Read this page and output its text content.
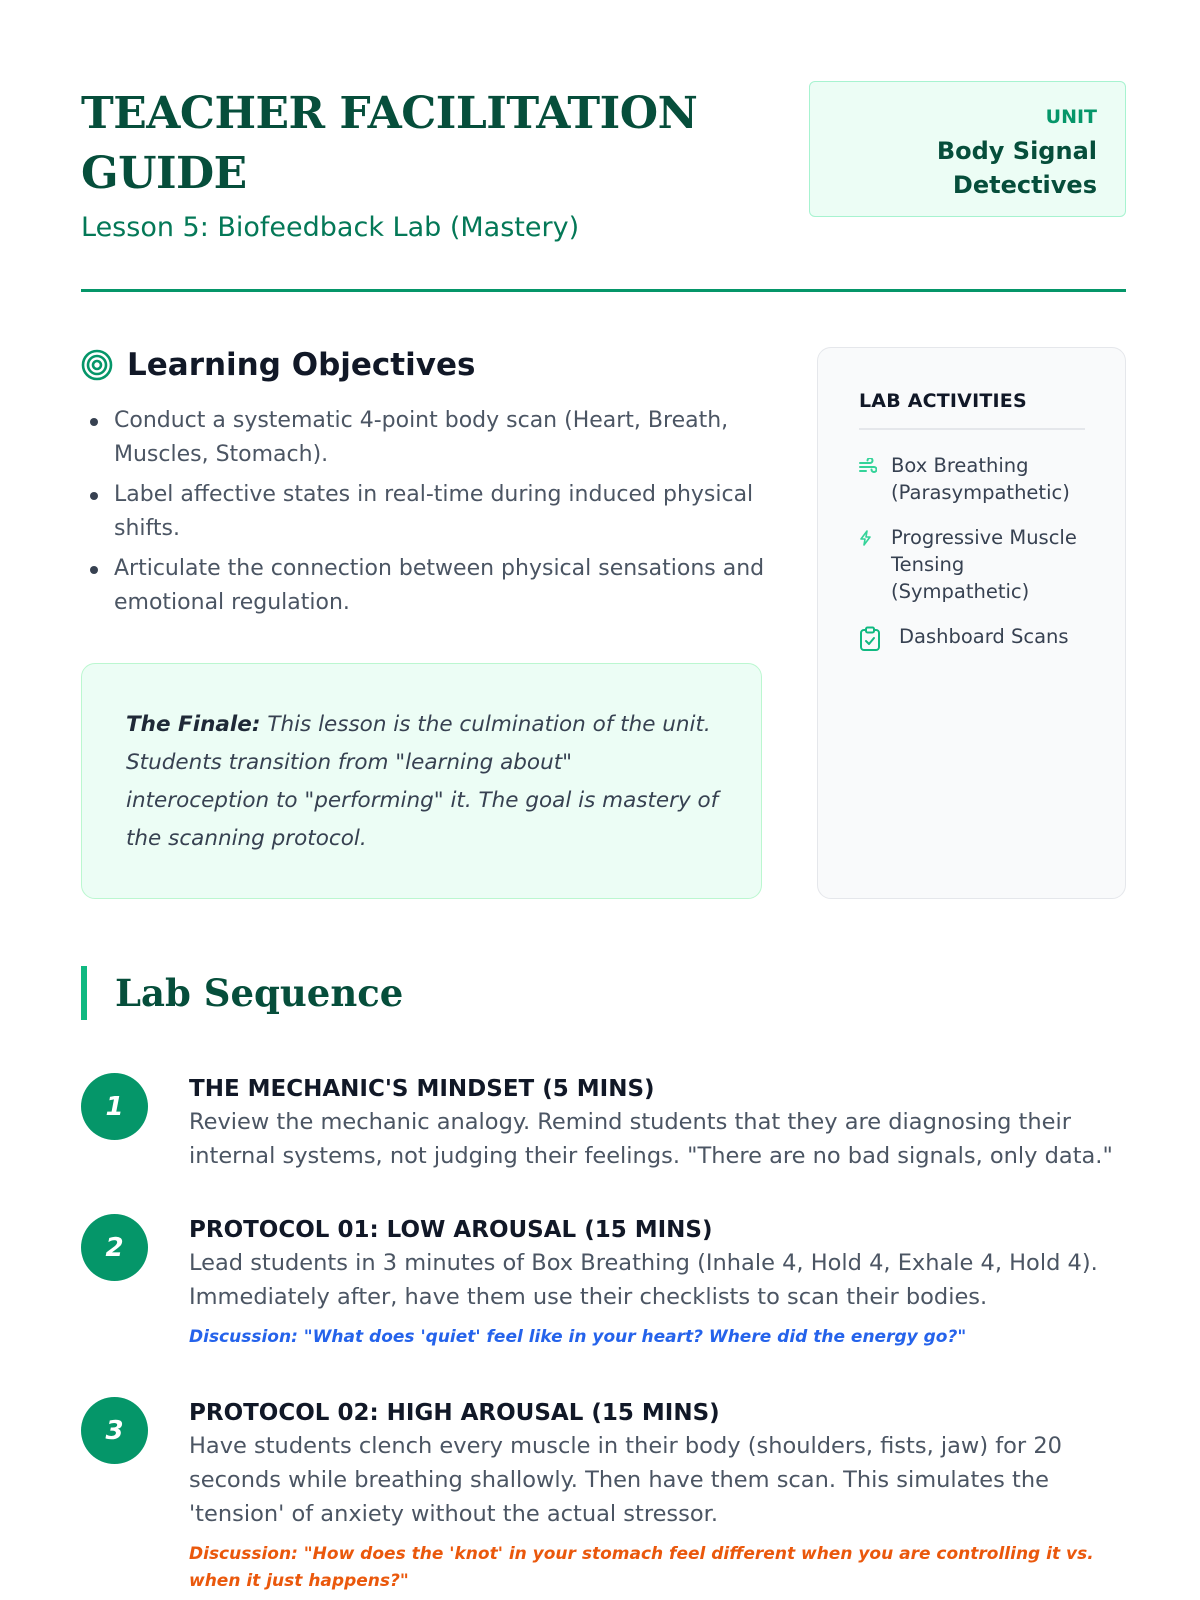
TEACHER FACILITATION GUIDE
Lesson 5: Biofeedback Lab (Mastery)
UNIT
Body Signal Detectives
Learning Objectives
Conduct a systematic 4-point body scan (Heart, Breath, Muscles, Stomach).
Label affective states in real-time during induced physical shifts.
Articulate the connection between physical sensations and emotional regulation.

The Finale: This lesson is the culmination of the unit. Students transition from "learning about" interoception to "performing" it. The goal is mastery of the scanning protocol.

LAB ACTIVITIES
Box Breathing (Parasympathetic)
Progressive Muscle Tensing (Sympathetic)
Dashboard Scans
Lab Sequence
1
THE MECHANIC'S MINDSET (5 MINS)
Review the mechanic analogy. Remind students that they are diagnosing their internal systems, not judging their feelings. "There are no bad signals, only data."
2
PROTOCOL 01: LOW AROUSAL (15 MINS)
Lead students in 3 minutes of Box Breathing (Inhale 4, Hold 4, Exhale 4, Hold 4). Immediately after, have them use their checklists to scan their bodies.
Discussion: "What does 'quiet' feel like in your heart? Where did the energy go?"
3
PROTOCOL 02: HIGH AROUSAL (15 MINS)
Have students clench every muscle in their body (shoulders, fists, jaw) for 20 seconds while breathing shallowly. Then have them scan. This simulates the 'tension' of anxiety without the actual stressor.
Discussion: "How does the 'knot' in your stomach feel different when you are controlling it vs. when it just happens?"
